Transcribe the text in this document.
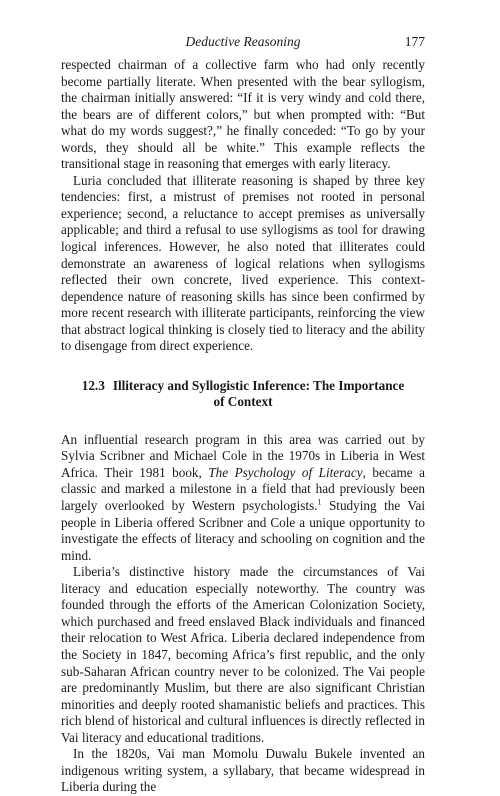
Deductive Reasoning	177

respected chairman of a collective farm who had only recently become partially literate. When presented with the bear syllogism, the chairman initially answered: “If it is very windy and cold there, the bears are of different colors,” but when prompted with: “But what do my words suggest?,” he finally conceded: “To go by your words, they should all be white.” This example reflects the transitional stage in reasoning that emerges with early literacy.

Luria concluded that illiterate reasoning is shaped by three key tendencies: first, a mistrust of premises not rooted in personal experience; second, a reluctance to accept premises as universally applicable; and third a refusal to use syllogisms as tool for drawing logical inferences. However, he also noted that illiterates could demonstrate an awareness of logical relations when syllogisms reflected their own concrete, lived experience. This context-dependence nature of reasoning skills has since been confirmed by more recent research with illiterate participants, reinforcing the view that abstract logical thinking is closely tied to literacy and the ability to disengage from direct experience.

12.3 Illiteracy and Syllogistic Inference: The Importance
of Context

An influential research program in this area was carried out by Sylvia Scribner and Michael Cole in the 1970s in Liberia in West Africa. Their 1981 book, The Psychology of Literacy, became a classic and marked a milestone in a field that had previously been largely overlooked by Western psychologists.$^1$ Studying the Vai people in Liberia offered Scribner and Cole a unique opportunity to investigate the effects of literacy and schooling on cognition and the mind.

Liberia’s distinctive history made the circumstances of Vai literacy and education especially noteworthy. The country was founded through the efforts of the American Colonization Society, which purchased and freed enslaved Black individuals and financed their relocation to West Africa. Liberia declared independence from the Society in 1847, becoming Africa’s first republic, and the only sub-Saharan African country never to be colonized. The Vai people are predominantly Muslim, but there are also significant Christian minorities and deeply rooted shamanistic beliefs and practices. This rich blend of historical and cultural influences is directly reflected in Vai literacy and educational traditions.

In the 1820s, Vai man Momolu Duwalu Bukele invented an indigenous writing system, a syllabary, that became widespread in Liberia during the
